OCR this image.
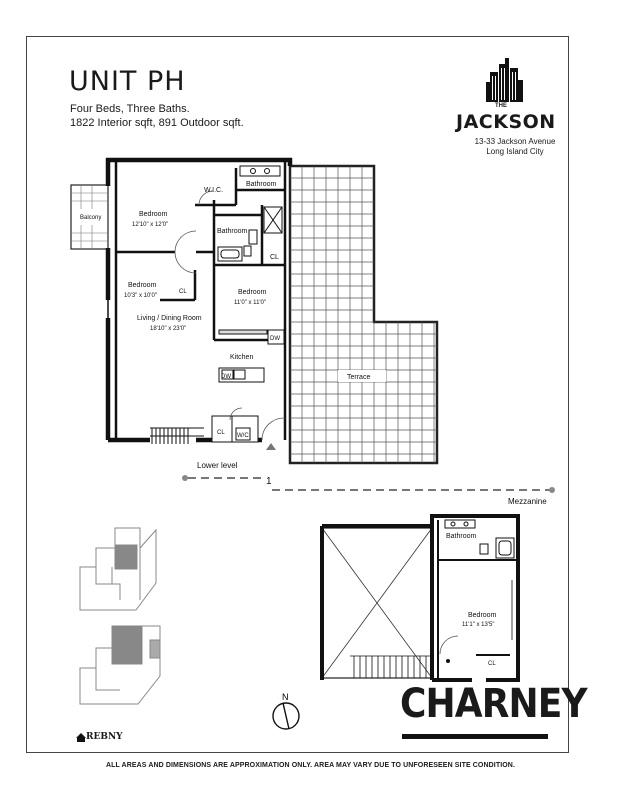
UNIT PH
Four Beds, Three Baths.
1822 Interior sqft, 891 Outdoor sqft.
Balcony	Bedroom
12'10" x 12'0"
W.I.C.
Bathroom
Bathroom
CL
Bedroom
10'3" x 10'0"
CL	Bedroom
11'0" x 11'0"
DW
Living / Dining Room
18'10" x 23'0"
Kitchen
DW
CL W/C
Terrace
Lower level
1
Mezzanine
Bathroom
Bedroom
11'1" x 13'5"
CL
N
THE
JACKSON
13-33 Jackson Avenue
Long Island City
CHARNEY
REBNY
ALL AREAS AND DIMENSIONS ARE APPROXIMATION ONLY. AREA MAY VARY DUE TO UNFORESEEN SITE CONDITION.
